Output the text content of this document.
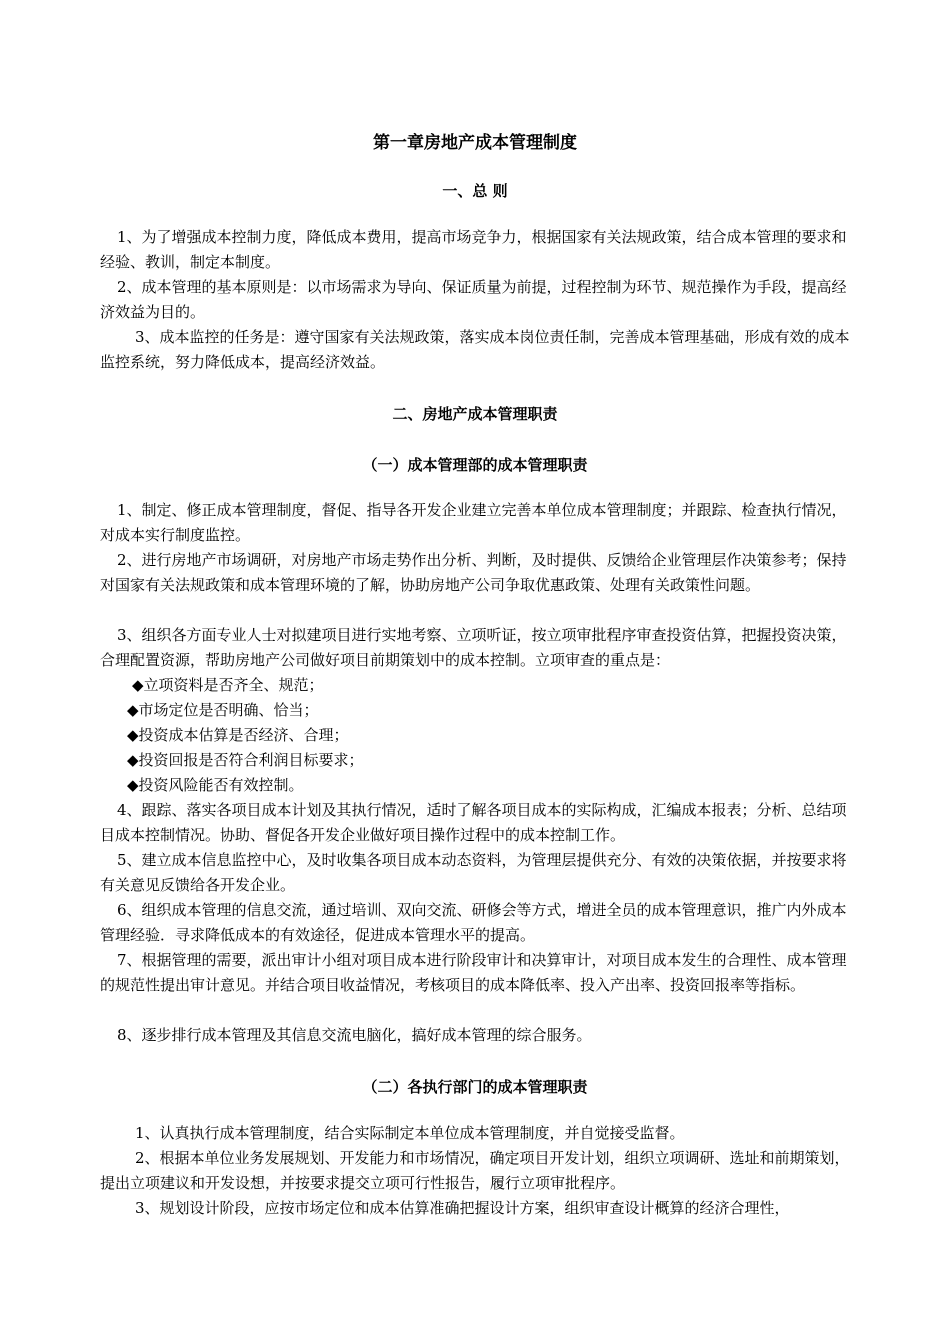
第一章房地产成本管理制度
一、总 则

1、为了增强成本控制力度，降低成本费用，提高市场竞争力，根据国家有关法规政策，结合成本管理的要求和经验、教训，制定本制度。

2、成本管理的基本原则是：以市场需求为导向、保证质量为前提，过程控制为环节、规范操作为手段，提高经济效益为目的。

3、成本监控的任务是：遵守国家有关法规政策，落实成本岗位责任制，完善成本管理基础，形成有效的成本监控系统，努力降低成本，提高经济效益。

二、房地产成本管理职责
（一）成本管理部的成本管理职责

1、制定、修正成本管理制度，督促、指导各开发企业建立完善本单位成本管理制度；并跟踪、检查执行情况，对成本实行制度监控。

2、进行房地产市场调研，对房地产市场走势作出分析、判断，及时提供、反馈给企业管理层作决策参考；保持对国家有关法规政策和成本管理环境的了解，协助房地产公司争取优惠政策、处理有关政策性问题。

3、组织各方面专业人士对拟建项目进行实地考察、立项听证，按立项审批程序审查投资估算，把握投资决策，合理配置资源，帮助房地产公司做好项目前期策划中的成本控制。立项审查的重点是：

◆立项资料是否齐全、规范；
◆市场定位是否明确、恰当；
◆投资成本估算是否经济、合理；
◆投资回报是否符合利润目标要求；
◆投资风险能否有效控制。

4、跟踪、落实各项目成本计划及其执行情况，适时了解各项目成本的实际构成，汇编成本报表；分析、总结项目成本控制情况。协助、督促各开发企业做好项目操作过程中的成本控制工作。

5、建立成本信息监控中心，及时收集各项目成本动态资料，为管理层提供充分、有效的决策依据，并按要求将有关意见反馈给各开发企业。

6、组织成本管理的信息交流，通过培训、双向交流、研修会等方式，增进全员的成本管理意识，推广内外成本管理经验．寻求降低成本的有效途径，促进成本管理水平的提高。

7、根据管理的需要，派出审计小组对项目成本进行阶段审计和决算审计，对项目成本发生的合理性、成本管理的规范性提出审计意见。并结合项目收益情况，考核项目的成本降低率、投入产出率、投资回报率等指标。

8、逐步排行成本管理及其信息交流电脑化，搞好成本管理的综合服务。

（二）各执行部门的成本管理职责

1、认真执行成本管理制度，结合实际制定本单位成本管理制度，并自觉接受监督。

2、根据本单位业务发展规划、开发能力和市场情况，确定项目开发计划，组织立项调研、选址和前期策划，提出立项建议和开发设想，并按要求提交立项可行性报告，履行立项审批程序。

3、规划设计阶段，应按市场定位和成本估算准确把握设计方案，组织审查设计概算的经济合理性，
